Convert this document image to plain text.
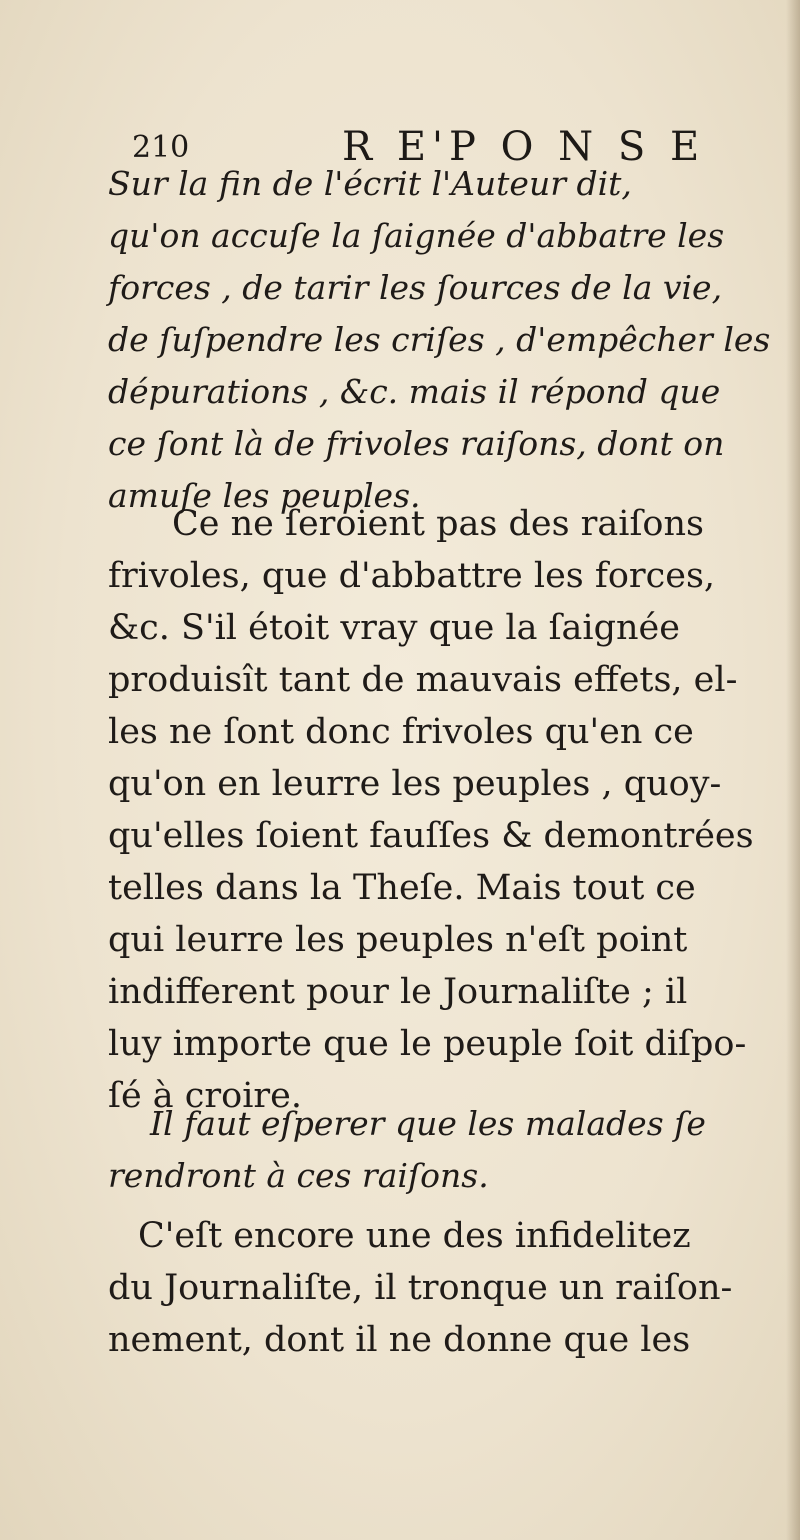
210	R E'P O N S E

Sur la fin de l'écrit l'Auteur dit,
qu'on accuſe la ſaignée d'abbatre les
forces , de tarir les ſources de la vie,
de ſuſpendre les criſes , d'empêcher les
dépurations , &c. mais il répond que
ce ſont là de frivoles raiſons, dont on
amuſe les peuples.

Ce ne ſeroient pas des raiſons
frivoles, que d'abbattre les forces,
&c. S'il étoit vray que la ſaignée
produisît tant de mauvais effets, el-
les ne ſont donc frivoles qu'en ce
qu'on en leurre les peuples , quoy-
qu'elles ſoient fauſſes & demontrées
telles dans la Theſe. Mais tout ce
qui leurre les peuples n'eſt point
indifferent pour le Journaliſte ; il
luy importe que le peuple ſoit diſpo-
ſé à croire.

Il faut eſperer que les malades ſe
rendront à ces raiſons.

C'eſt encore une des infidelitez
du Journaliſte, il tronque un raiſon-
nement, dont il ne donne que les
